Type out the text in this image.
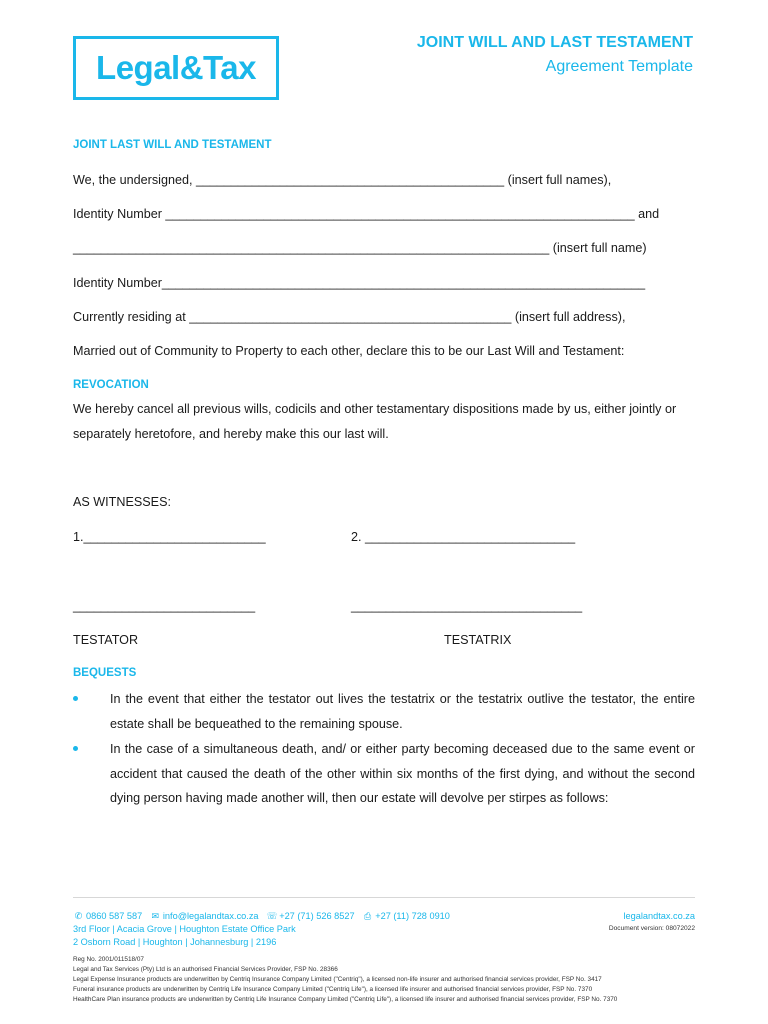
Legal&Tax
JOINT WILL AND LAST TESTAMENT
Agreement Template
JOINT LAST WILL AND TESTAMENT
We, the undersigned, ____________________________________________ (insert full names),
Identity Number ___________________________________________________________________ and
____________________________________________________________________ (insert full name)
Identity Number_____________________________________________________________________
Currently residing at ______________________________________________ (insert full address),
Married out of Community to Property to each other, declare this to be our Last Will and Testament:
REVOCATION
We hereby cancel all previous wills, codicils and other testamentary dispositions made by us, either jointly or separately heretofore, and hereby make this our last will.
AS WITNESSES:
1.__________________________	2. ______________________________
__________________________	_________________________________
TESTATOR	TESTATRIX
BEQUESTS
In the event that either the testator out lives the testatrix or the testatrix outlive the testator, the entire estate shall be bequeathed to the remaining spouse.
In the case of a simultaneous death, and/ or either party becoming deceased due to the same event or accident that caused the death of the other within six months of the first dying, and without the second dying person having made another will, then our estate will devolve per stirpes as follows:
✆ 0860 587 587 ✉ info@legalandtax.co.za ☏ +27 (71) 526 8527 ⎙ +27 (11) 728 0910
3rd Floor | Acacia Grove | Houghton Estate Office Park
2 Osborn Road | Houghton | Johannesburg | 2196
legalandtax.co.za
Document version: 08072022
Reg No. 2001/011518/07
Legal and Tax Services (Pty) Ltd is an authorised Financial Services Provider, FSP No. 28366
Legal Expense Insurance products are underwritten by Centriq Insurance Company Limited ("Centriq"), a licensed non-life insurer and authorised financial services provider, FSP No. 3417
Funeral insurance products are underwritten by Centriq Life Insurance Company Limited ("Centriq Life"), a licensed life insurer and authorised financial services provider, FSP No. 7370
HealthCare Plan insurance products are underwritten by Centriq Life Insurance Company Limited ("Centriq Life"), a licensed life insurer and authorised financial services provider, FSP No. 7370
